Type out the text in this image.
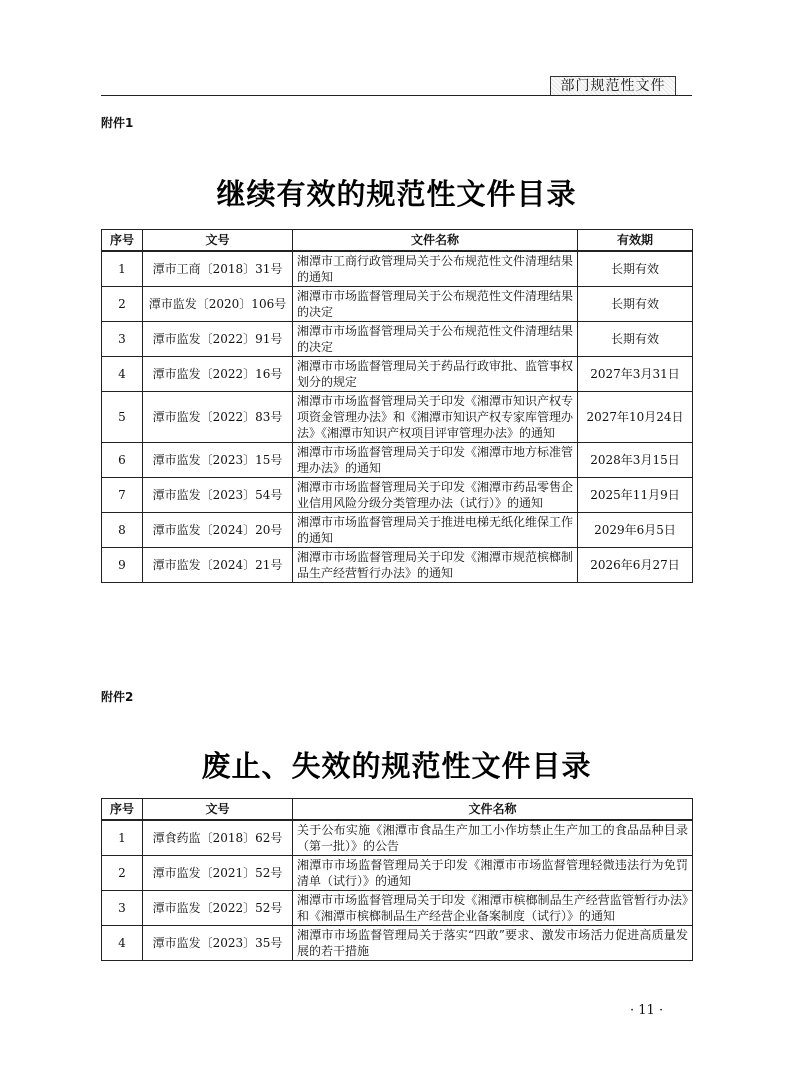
部门规范性文件
附件1
继续有效的规范性文件目录
序号	文号	文件名称	有效期
1	潭市工商〔2018〕31号	湘潭市工商行政管理局关于公布规范性文件清理结果的通知	长期有效
2	潭市监发〔2020〕106号	湘潭市市场监督管理局关于公布规范性文件清理结果的决定	长期有效
3	潭市监发〔2022〕91号	湘潭市市场监督管理局关于公布规范性文件清理结果的决定	长期有效
4	潭市监发〔2022〕16号	湘潭市市场监督管理局关于药品行政审批、监管事权划分的规定	2027年3月31日
5	潭市监发〔2022〕83号	湘潭市市场监督管理局关于印发《湘潭市知识产权专项资金管理办法》和《湘潭市知识产权专家库管理办法》《湘潭市知识产权项目评审管理办法》的通知	2027年10月24日
6	潭市监发〔2023〕15号	湘潭市市场监督管理局关于印发《湘潭市地方标准管理办法》的通知	2028年3月15日
7	潭市监发〔2023〕54号	湘潭市市场监督管理局关于印发《湘潭市药品零售企业信用风险分级分类管理办法（试行）》的通知	2025年11月9日
8	潭市监发〔2024〕20号	湘潭市市场监督管理局关于推进电梯无纸化维保工作的通知	2029年6月5日
9	潭市监发〔2024〕21号	湘潭市市场监督管理局关于印发《湘潭市规范槟榔制品生产经营暂行办法》的通知	2026年6月27日
附件2
废止、失效的规范性文件目录
序号	文号	文件名称
1	潭食药监〔2018〕62号	关于公布实施《湘潭市食品生产加工小作坊禁止生产加工的食品品种目录（第一批）》的公告
2	潭市监发〔2021〕52号	湘潭市市场监督管理局关于印发《湘潭市市场监督管理轻微违法行为免罚清单（试行）》的通知
3	潭市监发〔2022〕52号	湘潭市市场监督管理局关于印发《湘潭市槟榔制品生产经营监管暂行办法》和《湘潭市槟榔制品生产经营企业备案制度（试行）》的通知
4	潭市监发〔2023〕35号	湘潭市市场监督管理局关于落实“四敢”要求、激发市场活力促进高质量发展的若干措施
· 11 ·
